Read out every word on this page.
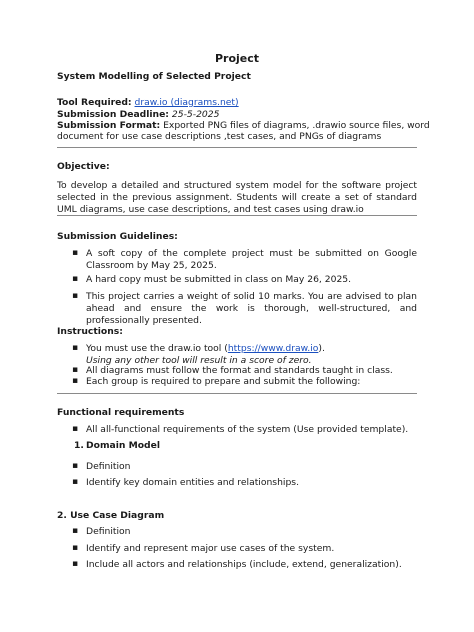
Project
System Modelling of Selected Project
Tool Required: draw.io (diagrams.net)
Submission Deadline: 25-5-2025
Submission Format: Exported PNG files of diagrams, .drawio source files, word
document for use case descriptions ,test cases, and PNGs of diagrams
Objective:
To develop a detailed and structured system model for the software project selected in the previous assignment. Students will create a set of standard UML diagrams, use case descriptions, and test cases using draw.io
Submission Guidelines:
▪ A soft copy of the complete project must be submitted on Google Classroom by May 25, 2025.
▪ A hard copy must be submitted in class on May 26, 2025.
▪ This project carries a weight of solid 10 marks. You are advised to plan ahead and ensure the work is thorough, well-structured, and professionally presented.
Instructions:
▪ You must use the draw.io tool (https://www.draw.io).
Using any other tool will result in a score of zero.
▪ All diagrams must follow the format and standards taught in class.
▪ Each group is required to prepare and submit the following:
Functional requirements
▪ All all-functional requirements of the system (Use provided template).
1. Domain Model
▪ Definition
▪ Identify key domain entities and relationships.
2. Use Case Diagram
▪ Definition
▪ Identify and represent major use cases of the system.
▪ Include all actors and relationships (include, extend, generalization).
